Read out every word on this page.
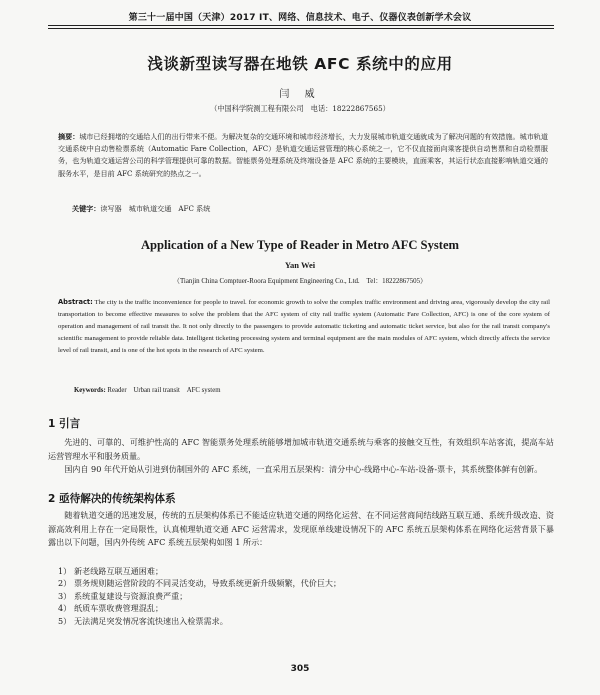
第三十一届中国（天津）2017 IT、网络、信息技术、电子、仪器仪表创新学术会议
浅谈新型读写器在地铁 AFC 系统中的应用
闫 威
（中国科学院测工程有限公司　电话：18222867565）
摘要：城市已经拥堵的交通给人们的出行带来不便。为解决复杂的交通环境和城市经济增长，大力发展城市轨道交通就成为了解决问题的有效措施。城市轨道交通系统中自动售检票系统（Automatic Fare Collection，AFC）是轨道交通运营管理的核心系统之一，它不仅直接面向乘客提供自动售票和自动检票服务，也为轨道交通运营公司的科学管理提供可靠的数据。智能票务处理系统及终端设备是 AFC 系统的主要模块，直面乘客，其运行状态直接影响轨道交通的服务水平，是目前 AFC 系统研究的热点之一。
关键字：读写器　城市轨道交通　AFC 系统
Application of a New Type of Reader in Metro AFC System
Yan Wei
（Tianjin China Comptuer-Roora Equipment Engineering Co., Ltd.　Tel：18222867505）
Abstract: The city is the traffic inconvenience for people to travel. for economic growth to solve the complex traffic environment and driving area, vigorously develop the city rail transportation to become effective measures to solve the problem that the AFC system of city rail traffic system (Automatic Fare Collection, AFC) is one of the core system of operation and management of rail transit the. It not only directly to the passengers to provide automatic ticketing and automatic ticket service, but also for the rail transit company's scientific management to provide reliable data. Intelligent ticketing processing system and terminal equipment are the main modules of AFC system, which directly affects the service level of rail transit, and is one of the hot spots in the research of AFC system.
Keywords: Reader　Urban rail transit　AFC system
1 引言
先进的、可靠的、可维护性高的 AFC 智能票务处理系统能够增加城市轨道交通系统与乘客的接触交互性，有效组织车站客流，提高车站运营管理水平和服务质量。
国内自 90 年代开始从引进到仿制国外的 AFC 系统，一直采用五层架构：清分中心-线路中心-车站-设备-票卡，其系统整体鲜有创新。
2 亟待解决的传统架构体系
随着轨道交通的迅速发展，传统的五层架构体系已不能适应轨道交通的网络化运营、在不同运营商间结线路互联互通、系统升级改造、资源高效利用上存在一定局限性，认真梳理轨道交通 AFC 运营需求，发现原单线建设情况下的 AFC 系统五层架构体系在网络化运营背景下暴露出以下问题，国内外传统 AFC 系统五层架构如图 1 所示：
1） 新老线路互联互通困难；
2） 票务规则随运营阶段的不同灵活变动，导致系统更新升级频繁，代价巨大；
3） 系统重复建设与资源浪费严重；
4） 纸质车票收费管理混乱；
5） 无法满足突发情况客流快速出入检票需求。
305
